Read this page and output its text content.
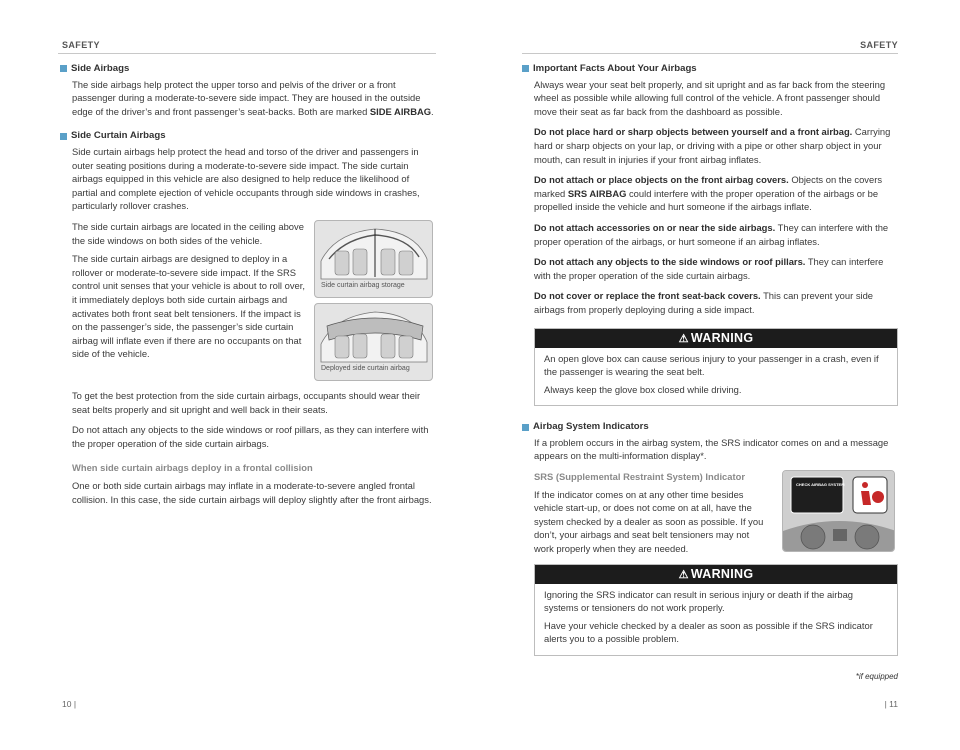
SAFETY
Side Airbags
The side airbags help protect the upper torso and pelvis of the driver or a front passenger during a moderate-to-severe side impact. They are housed in the outside edge of the driver’s and front passenger’s seat-backs. Both are marked SIDE AIRBAG.
Side Curtain Airbags
Side curtain airbags help protect the head and torso of the driver and passengers in outer seating positions during a moderate-to-severe side impact. The side curtain airbags equipped in this vehicle are also designed to help reduce the likelihood of partial and complete ejection of vehicle occupants through side windows in crashes, particularly rollover crashes.
The side curtain airbags are located in the ceiling above the side windows on both sides of the vehicle.
The side curtain airbags are designed to deploy in a rollover or moderate-to-severe side impact. If the SRS control unit senses that your vehicle is about to roll over, it immediately deploys both side curtain airbags and activates both front seat belt tensioners. If the impact is on the passenger’s side, the passenger’s side curtain airbag will inflate even if there are no occupants on that side of the vehicle.
Side curtain airbag storage
Deployed side curtain airbag
To get the best protection from the side curtain airbags, occupants should wear their seat belts properly and sit upright and well back in their seats.
Do not attach any objects to the side windows or roof pillars, as they can interfere with the proper operation of the side curtain airbags.
When side curtain airbags deploy in a frontal collision
One or both side curtain airbags may inflate in a moderate-to-severe angled frontal collision. In this case, the side curtain airbags will deploy slightly after the front airbags.
10 |
SAFETY
Important Facts About Your Airbags
Always wear your seat belt properly, and sit upright and as far back from the steering wheel as possible while allowing full control of the vehicle. A front passenger should move their seat as far back from the dashboard as possible.
Do not place hard or sharp objects between yourself and a front airbag. Carrying hard or sharp objects on your lap, or driving with a pipe or other sharp object in your mouth, can result in injuries if your front airbag inflates.
Do not attach or place objects on the front airbag covers. Objects on the covers marked SRS AIRBAG could interfere with the proper operation of the airbags or be propelled inside the vehicle and hurt someone if the airbags inflate.
Do not attach accessories on or near the side airbags. They can interfere with the proper operation of the airbags, or hurt someone if an airbag inflates.
Do not attach any objects to the side windows or roof pillars. They can interfere with the proper operation of the side curtain airbags.
Do not cover or replace the front seat-back covers. This can prevent your side airbags from properly deploying during a side impact.
⚠ WARNING
An open glove box can cause serious injury to your passenger in a crash, even if the passenger is wearing the seat belt.
Always keep the glove box closed while driving.
Airbag System Indicators
If a problem occurs in the airbag system, the SRS indicator comes on and a message appears on the multi-information display*.
SRS (Supplemental Restraint System) Indicator
If the indicator comes on at any other time besides vehicle start-up, or does not come on at all, have the system checked by a dealer as soon as possible. If you don’t, your airbags and seat belt tensioners may not work properly when they are needed.
CHECK AIRBAG SYSTEM
⚠ WARNING
Ignoring the SRS indicator can result in serious injury or death if the airbag systems or tensioners do not work properly.
Have your vehicle checked by a dealer as soon as possible if the SRS indicator alerts you to a possible problem.
*if equipped
| 11
